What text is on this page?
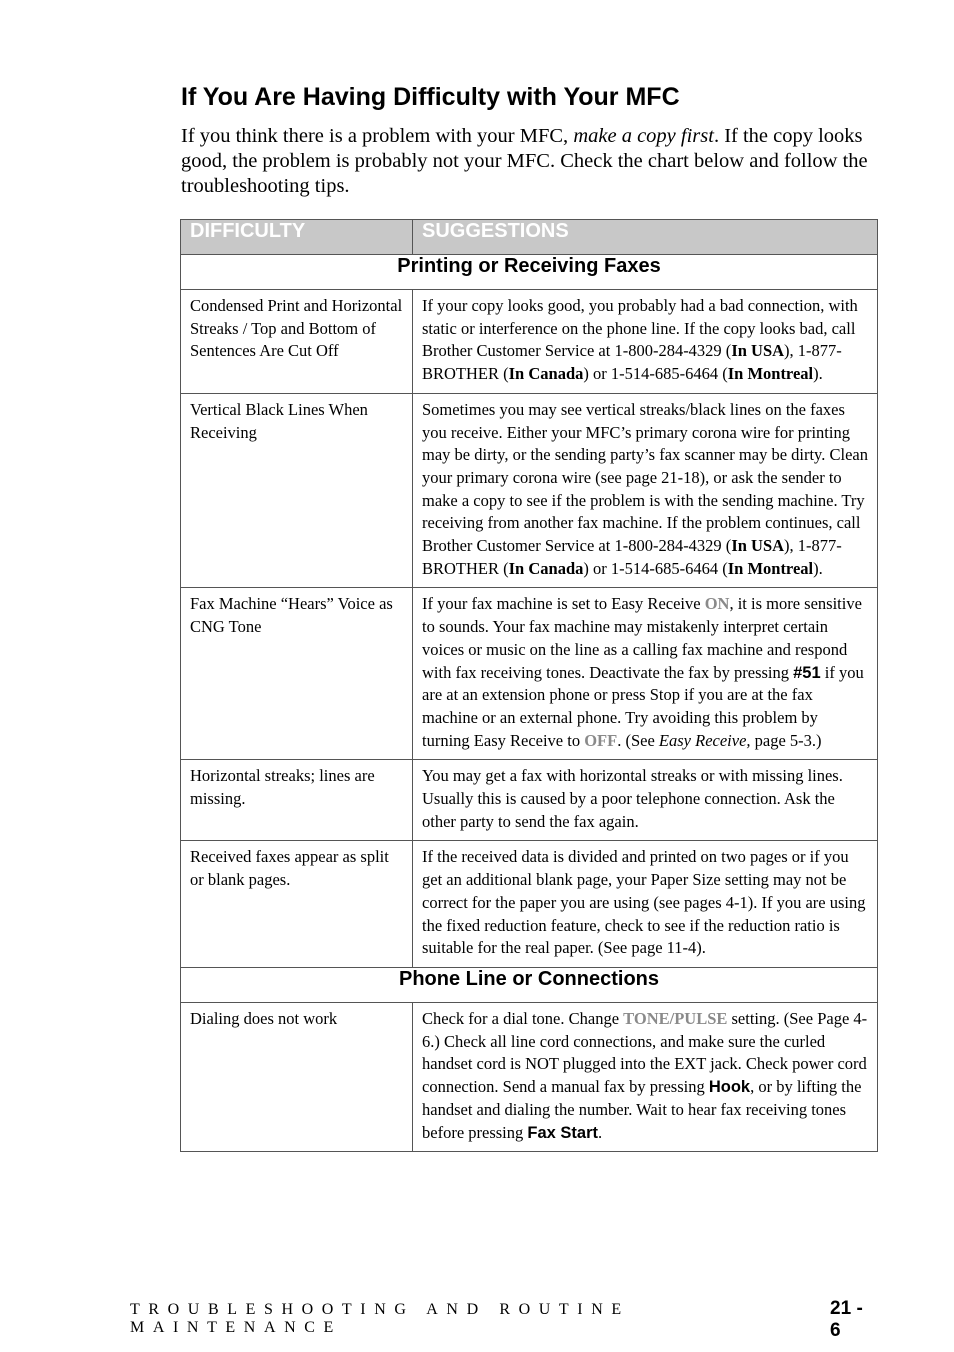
If You Are Having Difficulty with Your MFC
If you think there is a problem with your MFC, make a copy first. If the copy looks good, the problem is probably not your MFC. Check the chart below and follow the troubleshooting tips.
DIFFICULTY	SUGGESTIONS
Printing or Receiving Faxes	
Condensed Print and Horizontal Streaks / Top and Bottom of Sentences Are Cut Off	If your copy looks good, you probably had a bad connection, with static or interference on the phone line. If the copy looks bad, call Brother Customer Service at 1-800-284-4329 (In USA), 1-877-BROTHER (In Canada) or 1-514-685-6464 (In Montreal).
Vertical Black Lines When Receiving	Sometimes you may see vertical streaks/black lines on the faxes you receive. Either your MFC’s primary corona wire for printing may be dirty, or the sending party’s fax scanner may be dirty. Clean your primary corona wire (see page 21-18), or ask the sender to make a copy to see if the problem is with the sending machine. Try receiving from another fax machine. If the problem continues, call Brother Customer Service at 1-800-284-4329 (In USA), 1-877-BROTHER (In Canada) or 1-514-685-6464 (In Montreal).
Fax Machine “Hears” Voice as CNG Tone	If your fax machine is set to Easy Receive ON, it is more sensitive to sounds. Your fax machine may mistakenly interpret certain voices or music on the line as a calling fax machine and respond with fax receiving tones. Deactivate the fax by pressing #51 if you are at an extension phone or press Stop if you are at the fax machine or an external phone. Try avoiding this problem by turning Easy Receive to OFF. (See Easy Receive, page 5-3.)
Horizontal streaks; lines are missing.	You may get a fax with horizontal streaks or with missing lines. Usually this is caused by a poor telephone connection. Ask the other party to send the fax again.
Received faxes appear as split or blank pages.	If the received data is divided and printed on two pages or if you get an additional blank page, your Paper Size setting may not be correct for the paper you are using (see pages 4-1). If you are using the fixed reduction feature, check to see if the reduction ratio is suitable for the real paper. (See page 11-4).
Phone Line or Connections	
Dialing does not work	Check for a dial tone. Change TONE/PULSE setting. (See Page 4-6.) Check all line cord connections, and make sure the curled handset cord is NOT plugged into the EXT jack. Check power cord connection. Send a manual fax by pressing Hook, or by lifting the handset and dialing the number. Wait to hear fax receiving tones before pressing Fax Start.
TROUBLESHOOTING AND ROUTINE MAINTENANCE
21 - 6
